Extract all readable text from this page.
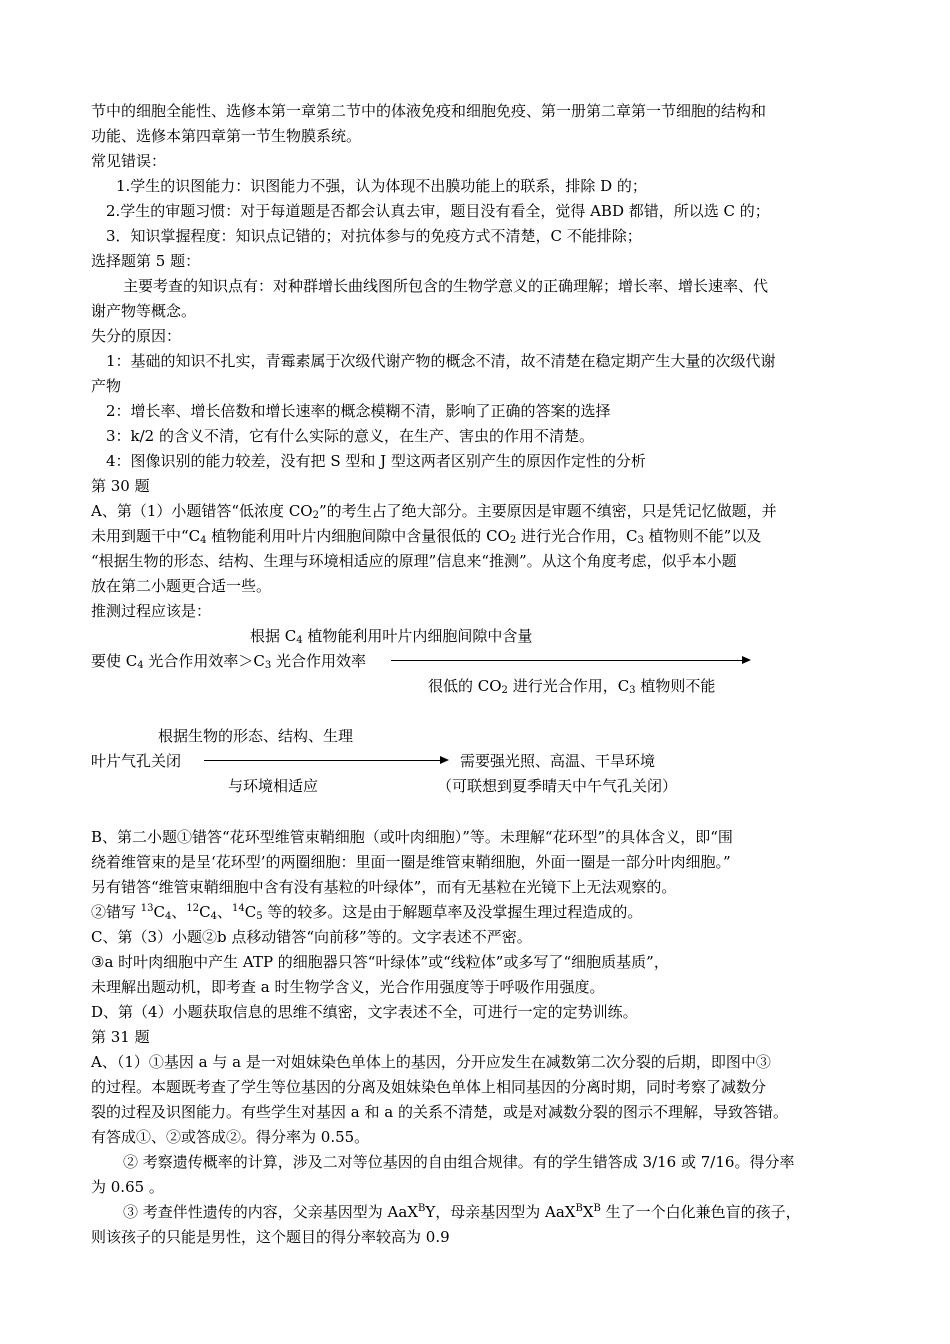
节中的细胞全能性、选修本第一章第二节中的体液免疫和细胞免疫、第一册第二章第一节细胞的结构和
功能、选修本第四章第一节生物膜系统。
常见错误：
1.学生的识图能力：识图能力不强，认为体现不出膜功能上的联系，排除 D 的；
2.学生的审题习惯：对于每道题是否都会认真去审，题目没有看全，觉得 ABD 都错，所以选 C 的；
3．知识掌握程度：知识点记错的；对抗体参与的免疫方式不清楚，C 不能排除；
选择题第 5 题：
主要考查的知识点有：对种群增长曲线图所包含的生物学意义的正确理解；增长率、增长速率、代
谢产物等概念。
失分的原因：
1：基础的知识不扎实，青霉素属于次级代谢产物的概念不清，故不清楚在稳定期产生大量的次级代谢
产物
2：增长率、增长倍数和增长速率的概念模糊不清，影响了正确的答案的选择
3：k/2 的含义不清，它有什么实际的意义，在生产、害虫的作用不清楚。
4：图像识别的能力较差，没有把 S 型和 J 型这两者区别产生的原因作定性的分析
第 30 题
A、第（1）小题错答“低浓度 $CO_2$”的考生占了绝大部分。主要原因是审题不缜密，只是凭记忆做题，并
未用到题干中“$C_4$ 植物能利用叶片内细胞间隙中含量很低的 $CO_2$ 进行光合作用，$C_3$ 植物则不能”以及
“根据生物的形态、结构、生理与环境相适应的原理”信息来“推测”。从这个角度考虑，似乎本小题
放在第二小题更合适一些。
推测过程应该是：
根据 $C_4$ 植物能利用叶片内细胞间隙中含量
要使 $C_4$ 光合作用效率$>C_3$ 光合作用效率
很低的 $CO_2$ 进行光合作用，$C_3$ 植物则不能
根据生物的形态、结构、生理
叶片气孔关闭	需要强光照、高温、干旱环境
与环境相适应	（可联想到夏季晴天中午气孔关闭）
B、第二小题①错答“花环型维管束鞘细胞（或叶肉细胞）”等。未理解“花环型”的具体含义，即“围
绕着维管束的是呈‘花环型’的两圈细胞：里面一圈是维管束鞘细胞，外面一圈是一部分叶肉细胞。”
另有错答“维管束鞘细胞中含有没有基粒的叶绿体”，而有无基粒在光镜下上无法观察的。
②错写 $^{13}C_4$、$^{12}C_4$、$^{14}C_5$ 等的较多。这是由于解题草率及没掌握生理过程造成的。
C、第（3）小题②b 点移动错答“向前移”等的。文字表述不严密。
③a 时叶肉细胞中产生 ATP 的细胞器只答“叶绿体”或“线粒体”或多写了“细胞质基质”，
未理解出题动机，即考查 a 时生物学含义，光合作用强度等于呼吸作用强度。
D、第（4）小题获取信息的思维不缜密，文字表述不全，可进行一定的定势训练。
第 31 题
A、（1）①基因 a 与 a 是一对姐妹染色单体上的基因，分开应发生在减数第二次分裂的后期，即图中③
的过程。本题既考查了学生等位基因的分离及姐妹染色单体上相同基因的分离时期，同时考察了减数分
裂的过程及识图能力。有些学生对基因 a 和 a 的关系不清楚，或是对减数分裂的图示不理解，导致答错。
有答成①、②或答成②。得分率为 0.55。
② 考察遗传概率的计算，涉及二对等位基因的自由组合规律。有的学生错答成 3/16 或 7/16。得分率
为 0.65 。
③ 考查伴性遗传的内容，父亲基因型为 AaX$^B$Y，母亲基因型为 $AaX^BX^B$ 生了一个白化兼色盲的孩子，
则该孩子的只能是男性，这个题目的得分率较高为 0.9
